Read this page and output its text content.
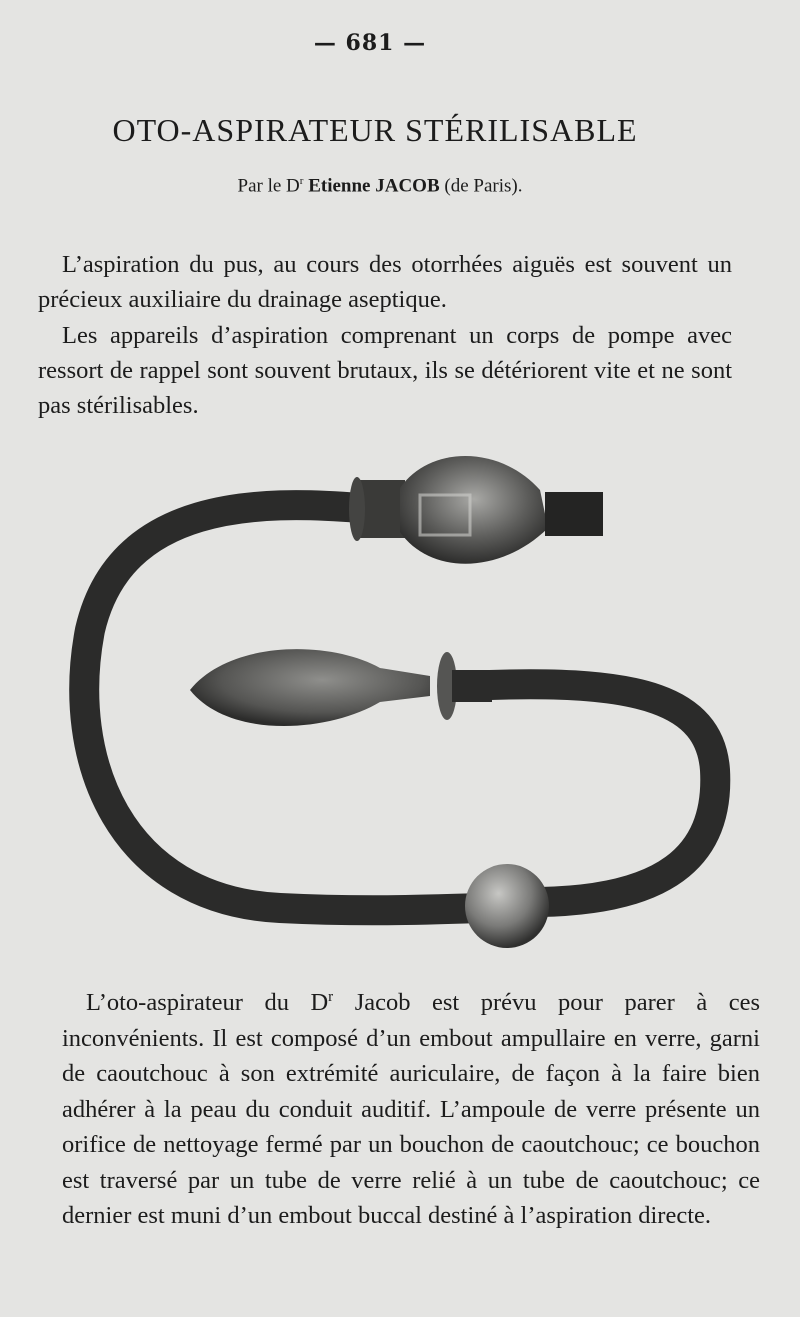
— 681 —
OTO-ASPIRATEUR STÉRILISABLE
Par le $D^r$ Etienne JACOB (de Paris).

L’aspiration du pus, au cours des otorrhées aiguës est souvent un précieux auxiliaire du drainage aseptique.

Les appareils d’aspiration comprenant un corps de pompe avec ressort de rappel sont souvent brutaux, ils se détériorent vite et ne sont pas stérilisables.

L’oto-aspirateur du $D^r$ Jacob est prévu pour parer à ces inconvénients. Il est composé d’un embout ampullaire en verre, garni de caoutchouc à son extrémité auriculaire, de façon à la faire bien adhérer à la peau du conduit auditif. L’ampoule de verre présente un orifice de nettoyage fermé par un bouchon de caoutchouc; ce bouchon est traversé par un tube de verre relié à un tube de caoutchouc; ce dernier est muni d’un embout buccal destiné à l’aspiration directe.
